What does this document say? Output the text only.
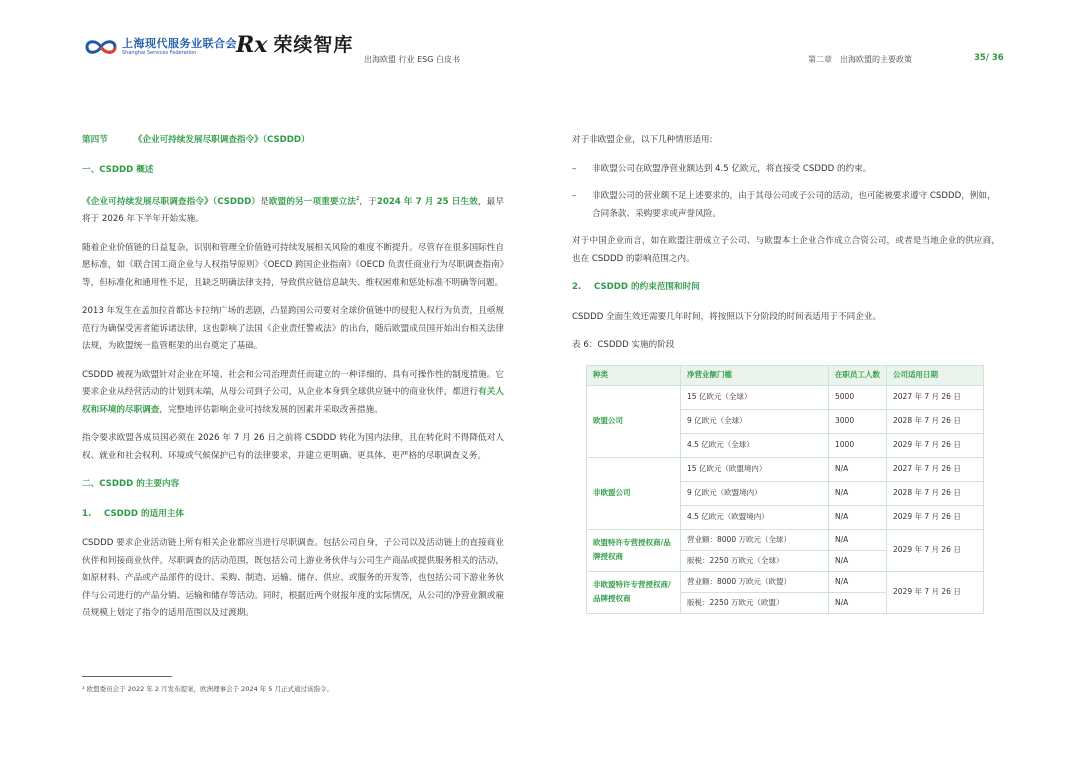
上海现代服务业联合会
Shanghai Services Federation	Rx 荣续智库
出海欧盟 行业 ESG 白皮书	第二章　出海欧盟的主要政策	35/ 36
第四节	《企业可持续发展尽职调查指令》（CSDDD）
一、CSDDD 概述

《企业可持续发展尽职调查指令》（CSDDD）是欧盟的另一项重要立法$^2$，于2024 年 7 月 25 日生效，最早将于 2026 年下半年开始实施。

随着企业价值链的日益复杂，识别和管理全价值链可持续发展相关风险的难度不断提升。尽管存在很多国际性自愿标准，如《联合国工商企业与人权指导原则》《OECD 跨国企业指南》《OECD 负责任商业行为尽职调查指南》等，但标准化和通用性不足，且缺乏明确法律支持，导致供应链信息缺失、维权困难和惩处标准不明确等问题。

2013 年发生在孟加拉首都达卡拉纳广场的悲剧，凸显跨国公司要对全球价值链中的侵犯人权行为负责，且亟规范行为确保受害者能诉诸法律，这也影响了法国《企业责任警戒法》的出台，随后欧盟成员国开始出台相关法律法规，为欧盟统一监管框架的出台奠定了基础。

CSDDD 被视为欧盟针对企业在环境、社会和公司治理责任而建立的一种详细的、具有可操作性的制度措施。它要求企业从经营活动的计划到末端，从母公司到子公司，从企业本身到全球供应链中的商业伙伴，都进行有关人权和环境的尽职调查，完整地评估影响企业可持续发展的因素并采取改善措施。

指令要求欧盟各成员国必须在 2026 年 7 月 26 日之前将 CSDDD 转化为国内法律，且在转化时不得降低对人权、就业和社会权利、环境或气候保护已有的法律要求，并建立更明确、更具体、更严格的尽职调查义务。

二、CSDDD 的主要内容
1. CSDDD 的适用主体

CSDDD 要求企业活动链上所有相关企业都应当进行尽职调查。包括公司自身，子公司以及活动链上的直接商业伙伴和间接商业伙伴。尽职调查的活动范围，既包括公司上游业务伙伴与公司生产商品或提供服务相关的活动，如原材料、产品或产品部件的设计、采购、制造、运输、储存、供应、或服务的开发等，也包括公司下游业务伙伴与公司进行的产品分销、运输和储存等活动。同时，根据近两个财报年度的实际情况，从公司的净营业额或雇员规模上划定了指令的适用范围以及过渡期。

² 欧盟委员会于 2022 年 2 月发布提案，欧洲理事会于 2024 年 5 月正式通过该指令。

对于非欧盟企业，以下几种情形适用:

–	非欧盟公司在欧盟净营业额达到 4.5 亿欧元，将直接受 CSDDD 的约束。
–	非欧盟公司的营业额不足上述要求的，由于其母公司或子公司的活动，也可能被要求遵守 CSDDD，例如，合同条款、采购要求或声誉风险。

对于中国企业而言，如在欧盟注册成立子公司、与欧盟本土企业合作成立合资公司，或者是当地企业的供应商，也在 CSDDD 的影响范围之内。

2. CSDDD 的约束范围和时间

CSDDD 全面生效还需要几年时间，将按照以下分阶段的时间表适用于不同企业。

表 6：CSDDD 实施的阶段

种类	净营业额门槛	在职员工人数	公司适用日期
欧盟公司	15 亿欧元（全球）	5000	2027 年 7 月 26 日
	9 亿欧元（全球）	3000	2028 年 7 月 26 日
	4.5 亿欧元（全球）	1000	2029 年 7 月 26 日
非欧盟公司	15 亿欧元（欧盟境内）	N/A	2027 年 7 月 26 日
	9 亿欧元（欧盟境内）	N/A	2028 年 7 月 26 日
	4.5 亿欧元（欧盟境内）	N/A	2029 年 7 月 26 日
欧盟特许专营授权商/品牌授权商	营业额：8000 万欧元（全球）	N/A	2029 年 7 月 26 日
	版税：2250 万欧元（全球）	N/A	
非欧盟特许专营授权商/品牌授权商	营业额：8000 万欧元（欧盟）	N/A	2029 年 7 月 26 日
	版税：2250 万欧元（欧盟）	N/A	
